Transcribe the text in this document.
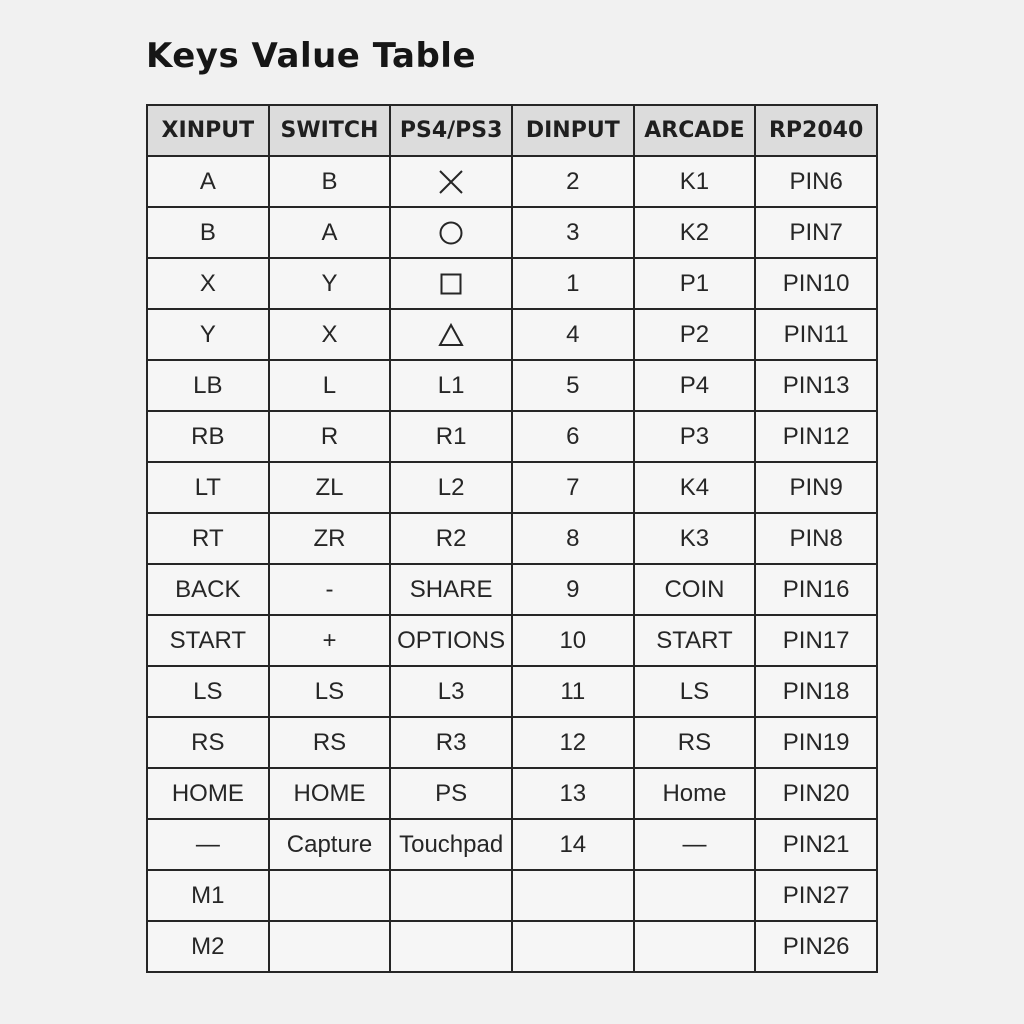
Keys Value Table
XINPUT	SWITCH	PS4/PS3	DINPUT	ARCADE	RP2040
A	B		2	K1	PIN6
B	A		3	K2	PIN7
X	Y		1	P1	PIN10
Y	X		4	P2	PIN11
LB	L	L1	5	P4	PIN13
RB	R	R1	6	P3	PIN12
LT	ZL	L2	7	K4	PIN9
RT	ZR	R2	8	K3	PIN8
BACK	-	SHARE	9	COIN	PIN16
START	+	OPTIONS	10	START	PIN17
LS	LS	L3	11	LS	PIN18
RS	RS	R3	12	RS	PIN19
HOME	HOME	PS	13	Home	PIN20
—	Capture	Touchpad	14	—	PIN21
M1					PIN27
M2					PIN26
